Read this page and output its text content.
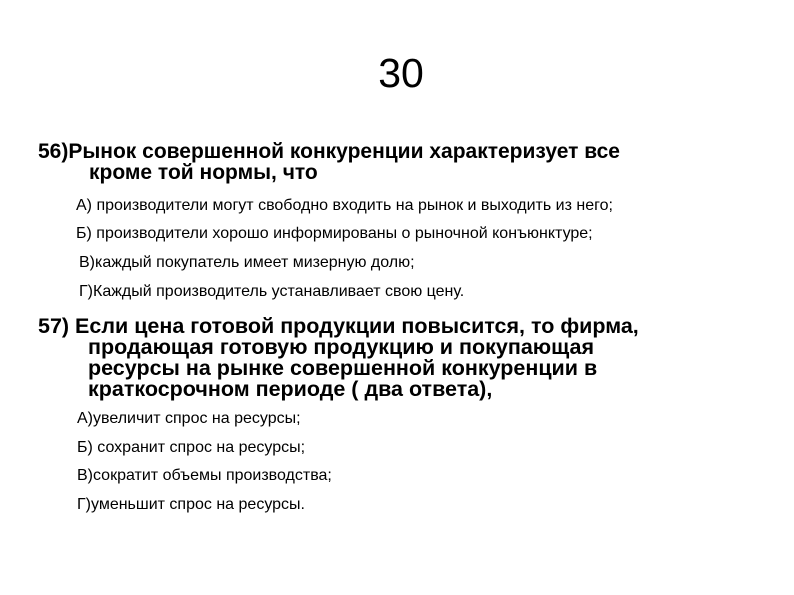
30
56)Рынок совершенной конкуренции характеризует все
кроме той нормы, что
А) производители могут свободно входить на рынок и выходить из него;
Б) производители хорошо информированы о рыночной конъюнктуре;
В)каждый покупатель имеет мизерную долю;
Г)Каждый производитель устанавливает свою цену.
57) Если цена готовой продукции повысится, то фирма,
продающая готовую продукцию и покупающая
ресурсы на рынке совершенной конкуренции в
краткосрочном периоде ( два ответа),
А)увеличит спрос на ресурсы;
Б) сохранит спрос на ресурсы;
В)сократит объемы производства;
Г)уменьшит спрос на ресурсы.
